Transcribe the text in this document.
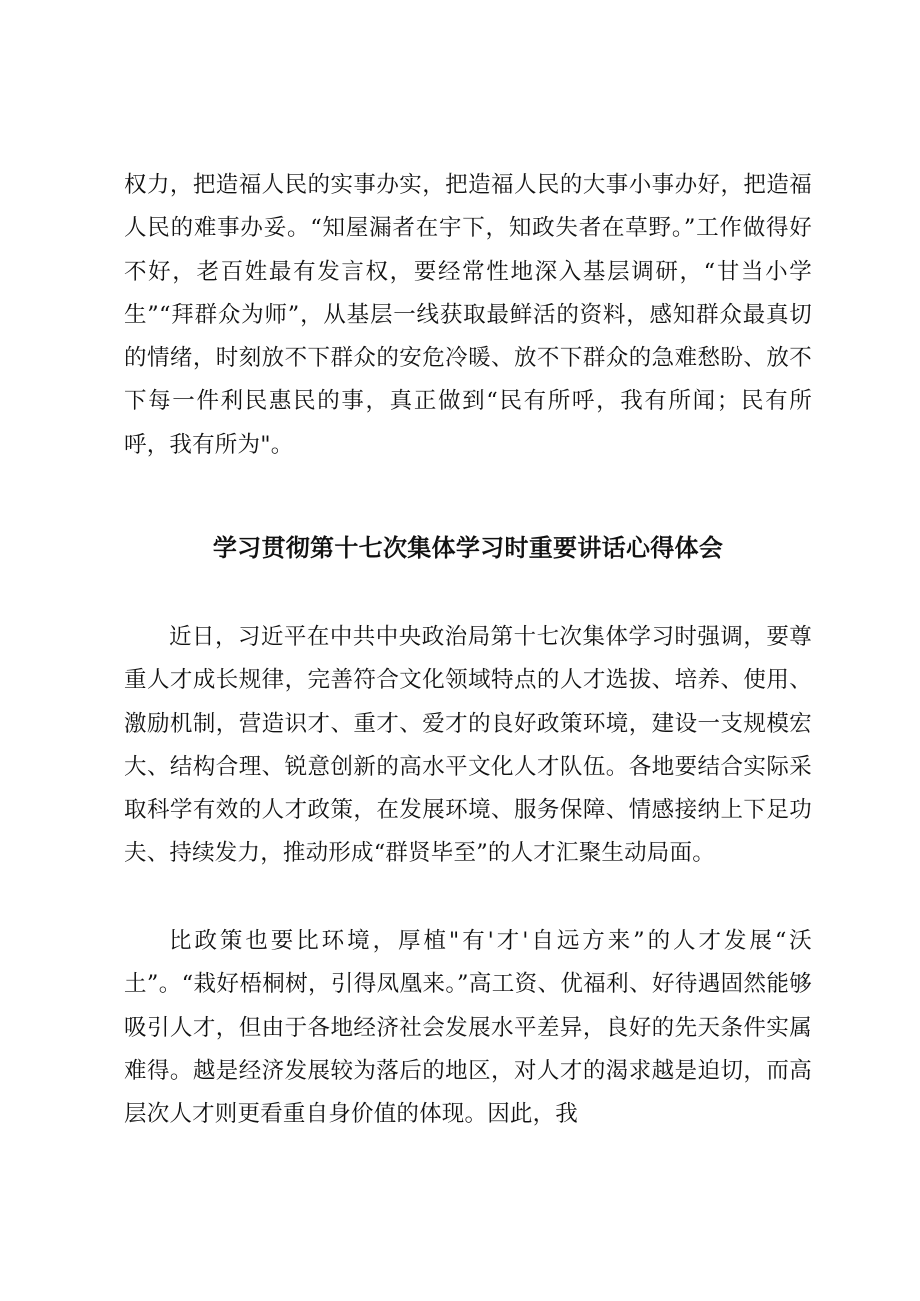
权力，把造福人民的实事办实，把造福人民的大事小事办好，把造福人民的难事办妥。“知屋漏者在宇下，知政失者在草野。”工作做得好不好，老百姓最有发言权，要经常性地深入基层调研，“甘当小学生”“拜群众为师”，从基层一线获取最鲜活的资料，感知群众最真切的情绪，时刻放不下群众的安危冷暖、放不下群众的急难愁盼、放不下每一件利民惠民的事，真正做到“民有所呼，我有所闻；民有所呼，我有所为"。

学习贯彻第十七次集体学习时重要讲话心得体会

近日，习近平在中共中央政治局第十七次集体学习时强调，要尊重人才成长规律，完善符合文化领域特点的人才选拔、培养、使用、激励机制，营造识才、重才、爱才的良好政策环境，建设一支规模宏大、结构合理、锐意创新的高水平文化人才队伍。各地要结合实际采取科学有效的人才政策，在发展环境、服务保障、情感接纳上下足功夫、持续发力，推动形成“群贤毕至”的人才汇聚生动局面。

比政策也要比环境，厚植"有'才'自远方来”的人才发展“沃土”。“栽好梧桐树，引得凤凰来。”高工资、优福利、好待遇固然能够吸引人才，但由于各地经济社会发展水平差异，良好的先天条件实属难得。越是经济发展较为落后的地区，对人才的渴求越是迫切，而高层次人才则更看重自身价值的体现。因此，我
